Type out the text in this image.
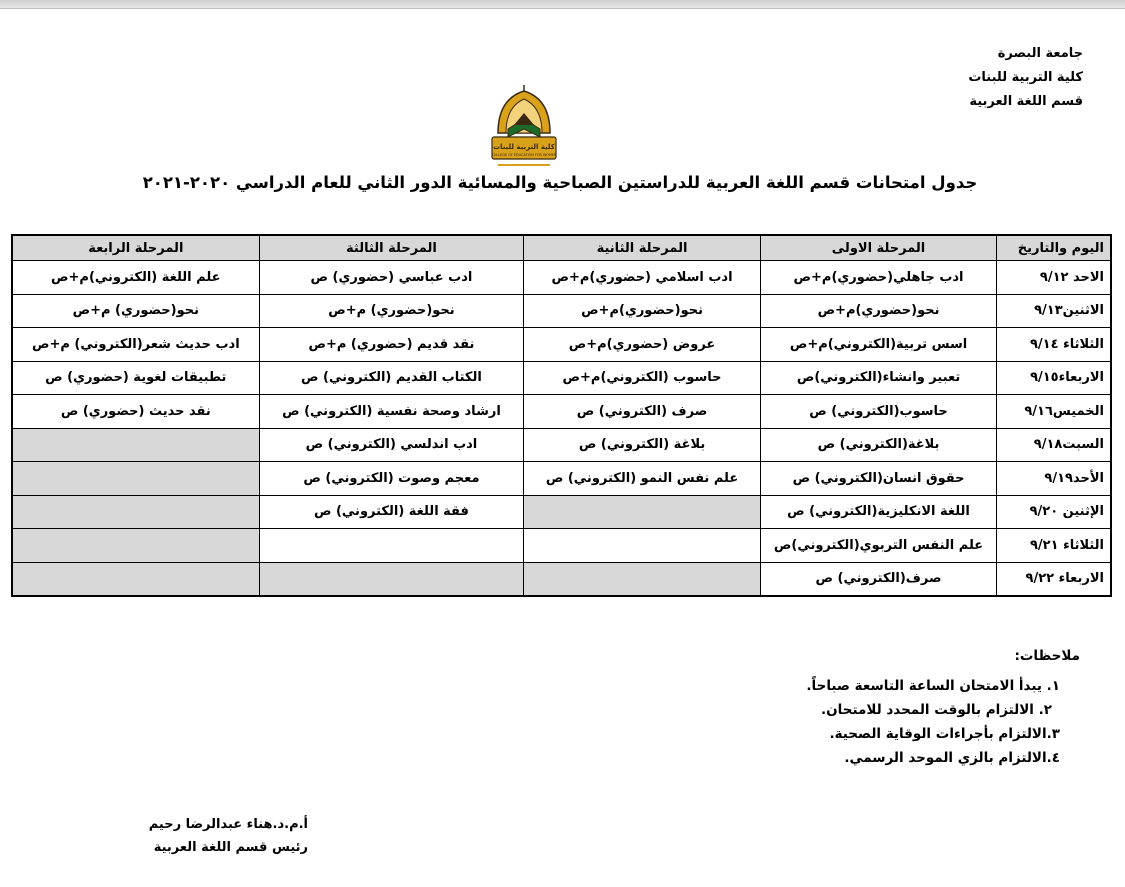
جامعة البصرة
كلية التربية للبنات
قسم اللغة العربية
كلية التربية للبنات
COLLEGE OF EDUCATION FOR WOMEN
جدول امتحانات قسم اللغة العربية للدراستين الصباحية والمسائية الدور الثاني للعام الدراسي ٢٠٢٠-٢٠٢١
اليوم والتاريخ	المرحلة الاولى	المرحلة الثانية	المرحلة الثالثة	المرحلة الرابعة
الاحد ٩/١٢	ادب جاهلي(حضوري)م+ص	ادب اسلامي (حضوري)م+ص	ادب عباسي (حضوري) ص	علم اللغة (الكتروني)م+ص
الاثنين٩/١٣	نحو(حضوري)م+ص	نحو(حضوري)م+ص	نحو(حضوري) م+ص	نحو(حضوري) م+ص
الثلاثاء ٩/١٤	اسس تربية(الكتروني)م+ص	عروض (حضوري)م+ص	نقد قديم (حضوري) م+ص	ادب حديث شعر(الكتروني) م+ص
الاربعاء٩/١٥	تعبير وانشاء(الكتروني)ص	حاسوب (الكتروني)م+ص	الكتاب القديم (الكتروني) ص	تطبيقات لغوية (حضوري) ص
الخميس٩/١٦	حاسوب(الكتروني) ص	صرف (الكتروني) ص	ارشاد وصحة نفسية (الكتروني) ص	نقد حديث (حضوري) ص
السبت٩/١٨	بلاغة(الكتروني) ص	بلاغة (الكتروني) ص	ادب اندلسي (الكتروني) ص	
الأحد٩/١٩	حقوق انسان(الكتروني) ص	علم نفس النمو (الكتروني) ص	معجم وصوت (الكتروني) ص	
الإثنين ٩/٢٠	اللغة الانكليزية(الكتروني) ص		فقة اللغة (الكتروني) ص	
الثلاثاء ٩/٢١	علم النفس التربوي(الكتروني)ص			
الاربعاء ٩/٢٢	صرف(الكتروني) ص			
ملاحظات:
١. يبدأ الامتحان الساعة التاسعة صباحاً.
٢. الالتزام بالوقت المحدد للامتحان.
٣.الالتزام بأجراءات الوقاية الصحية.
٤.الالتزام بالزي الموحد الرسمي.
أ.م.د.هناء عبدالرضا رحيم
رئيس قسم اللغة العربية
